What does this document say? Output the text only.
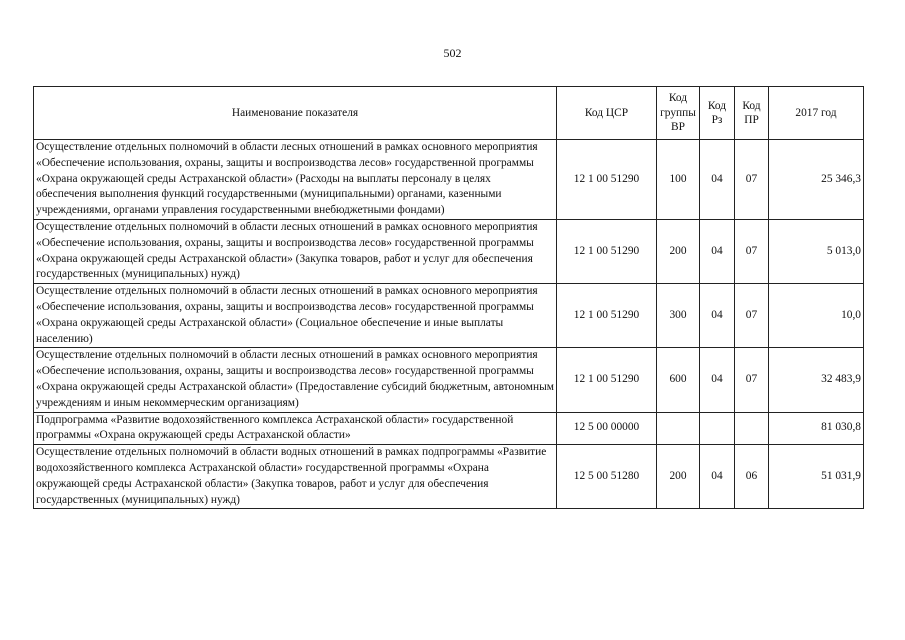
502
Наименование показателя	Код ЦСР	Код группы ВР	Код Рз	Код ПР	2017 год
Осуществление отдельных полномочий в области лесных отношений в рамках основного мероприятия «Обеспечение использования, охраны, защиты и воспроизводства лесов» государственной программы «Охрана окружающей среды Астраханской области» (Расходы на выплаты персоналу в целях обеспечения выполнения функций государственными (муниципальными) органами, казенными учреждениями, органами управления государственными внебюджетными фондами)	12 1 00 51290	100	04	07	25 346,3
Осуществление отдельных полномочий в области лесных отношений в рамках основного мероприятия «Обеспечение использования, охраны, защиты и воспроизводства лесов» государственной программы «Охрана окружающей среды Астраханской области» (Закупка товаров, работ и услуг для обеспечения государственных (муниципальных) нужд)	12 1 00 51290	200	04	07	5 013,0
Осуществление отдельных полномочий в области лесных отношений в рамках основного мероприятия «Обеспечение использования, охраны, защиты и воспроизводства лесов» государственной программы «Охрана окружающей среды Астраханской области» (Социальное обеспечение и иные выплаты населению)	12 1 00 51290	300	04	07	10,0
Осуществление отдельных полномочий в области лесных отношений в рамках основного мероприятия «Обеспечение использования, охраны, защиты и воспроизводства лесов» государственной программы «Охрана окружающей среды Астраханской области» (Предоставление субсидий бюджетным, автономным учреждениям и иным некоммерческим организациям)	12 1 00 51290	600	04	07	32 483,9
Подпрограмма «Развитие водохозяйственного комплекса Астраханской области» государственной программы «Охрана окружающей среды Астраханской области»	12 5 00 00000				81 030,8
Осуществление отдельных полномочий в области водных отношений в рамках подпрограммы «Развитие водохозяйственного комплекса Астраханской области» государственной программы «Охрана окружающей среды Астраханской области» (Закупка товаров, работ и услуг для обеспечения государственных (муниципальных) нужд)	12 5 00 51280	200	04	06	51 031,9
